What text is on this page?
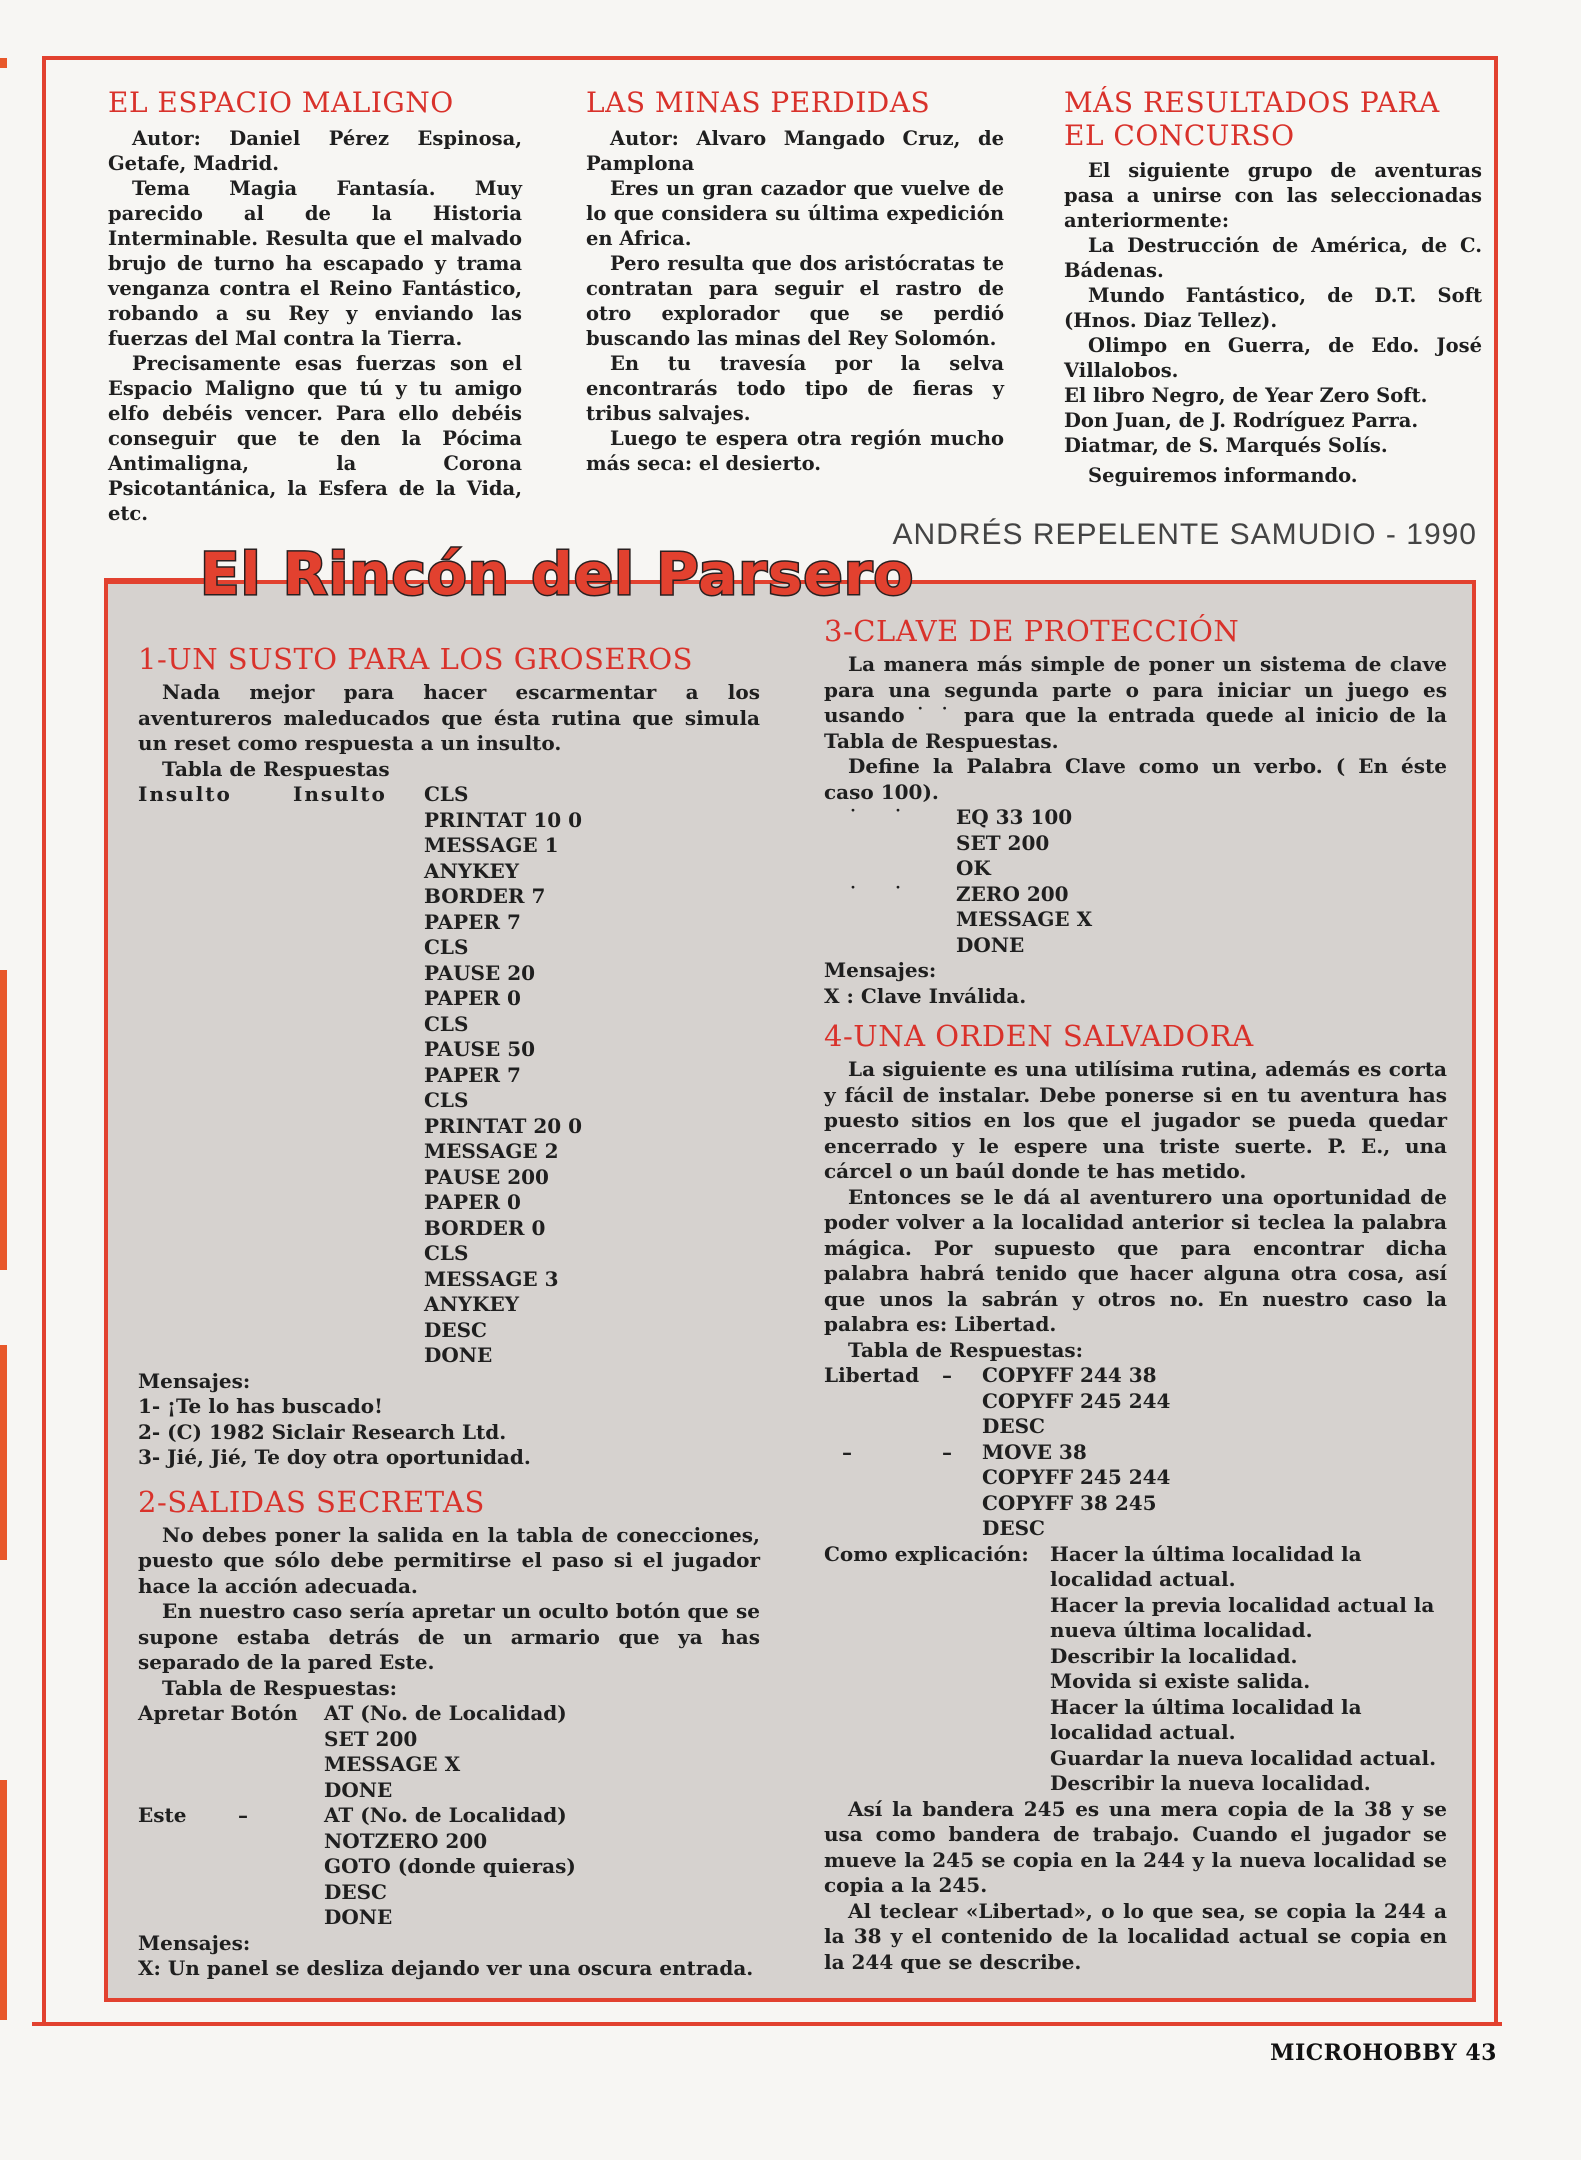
EL ESPACIO MALIGNO

Autor: Daniel Pérez Espinosa, Getafe, Madrid.

Tema Magia Fantasía. Muy parecido al de la Historia Interminable. Resulta que el malvado brujo de turno ha escapado y trama venganza contra el Reino Fantástico, robando a su Rey y enviando las fuerzas del Mal contra la Tierra.

Precisamente esas fuerzas son el Espacio Maligno que tú y tu amigo elfo debéis vencer. Para ello debéis conseguir que te den la Pócima Antimaligna, la Corona Psicotantánica, la Esfera de la Vida, etc.

LAS MINAS PERDIDAS

Autor: Alvaro Mangado Cruz, de Pamplona

Eres un gran cazador que vuelve de lo que considera su última expedición en Africa.

Pero resulta que dos aristócratas te contratan para seguir el rastro de otro explorador que se perdió buscando las minas del Rey Solomón.

En tu travesía por la selva encontrarás todo tipo de fieras y tribus salvajes.

Luego te espera otra región mucho más seca: el desierto.

MÁS RESULTADOS PARA
EL CONCURSO

El siguiente grupo de aventuras pasa a unirse con las seleccionadas anteriormente:

La Destrucción de América, de C. Bádenas.

Mundo Fantástico, de D.T. Soft (Hnos. Diaz Tellez).

Olimpo en Guerra, de Edo. José Villalobos.

El libro Negro, de Year Zero Soft.

Don Juan, de J. Rodríguez Parra.

Diatmar, de S. Marqués Solís.

Seguiremos informando.

ANDRÉS REPELENTE SAMUDIO - 1990
El Rincón del Parsero
1-UN SUSTO PARA LOS GROSEROS

Nada mejor para hacer escarmentar a los aventureros maleducados que ésta rutina que simula un reset como respuesta a un insulto.

Tabla de Respuestas

Insulto	Insulto CLS
PRINTAT 10 0
MESSAGE 1
ANYKEY
BORDER 7
PAPER 7
CLS
PAUSE 20
PAPER 0
CLS
PAUSE 50
PAPER 7
CLS
PRINTAT 20 0
MESSAGE 2
PAUSE 200
PAPER 0
BORDER 0
CLS
MESSAGE 3
ANYKEY
DESC
DONE

Mensajes:

1- ¡Te lo has buscado!

2- (C) 1982 Siclair Research Ltd.

3- Jié, Jié, Te doy otra oportunidad.

2-SALIDAS SECRETAS

No debes poner la salida en la tabla de conecciones, puesto que sólo debe permitirse el paso si el jugador hace la acción adecuada.

En nuestro caso sería apretar un oculto botón que se supone estaba detrás de un armario que ya has separado de la pared Este.

Tabla de Respuestas:

Apretar Botón AT (No. de Localidad)
SET 200
MESSAGE X
DONE
Este	–	AT (No. de Localidad)
NOTZERO 200
GOTO (donde quieras)
DESC
DONE

Mensajes:

X: Un panel se desliza dejando ver una oscura entrada.

3-CLAVE DE PROTECCIÓN

La manera más simple de poner un sistema de clave para una segunda parte o para iniciar un juego es usando ˙ ˙ para que la entrada quede al inicio de la Tabla de Respuestas.

Define la Palabra Clave como un verbo. ( En éste caso 100).

˙ ˙ EQ 33 100
SET 200
OK
˙ ˙ ZERO 200
MESSAGE X
DONE

Mensajes:

X : Clave Inválida.

4-UNA ORDEN SALVADORA

La siguiente es una utilísima rutina, además es corta y fácil de instalar. Debe ponerse si en tu aventura has puesto sitios en los que el jugador se pueda quedar encerrado y le espere una triste suerte. P. E., una cárcel o un baúl donde te has metido.

Entonces se le dá al aventurero una oportunidad de poder volver a la localidad anterior si teclea la palabra mágica. Por supuesto que para encontrar dicha palabra habrá tenido que hacer alguna otra cosa, así que unos la sabrán y otros no. En nuestro caso la palabra es: Libertad.

Tabla de Respuestas:

Libertad – COPYFF 244 38
COPYFF 245 244
DESC
–	– MOVE 38
COPYFF 245 244
COPYFF 38 245
DESC
Como explicación: Hacer la última localidad la localidad actual.
Hacer la previa localidad actual la nueva última localidad.
Describir la localidad.
Movida si existe salida.
Hacer la última localidad la localidad actual.
Guardar la nueva localidad actual.
Describir la nueva localidad.

Así la bandera 245 es una mera copia de la 38 y se usa como bandera de trabajo. Cuando el jugador se mueve la 245 se copia en la 244 y la nueva localidad se copia a la 245.

Al teclear «Libertad», o lo que sea, se copia la 244 a la 38 y el contenido de la localidad actual se copia en la 244 que se describe.

MICROHOBBY 43
